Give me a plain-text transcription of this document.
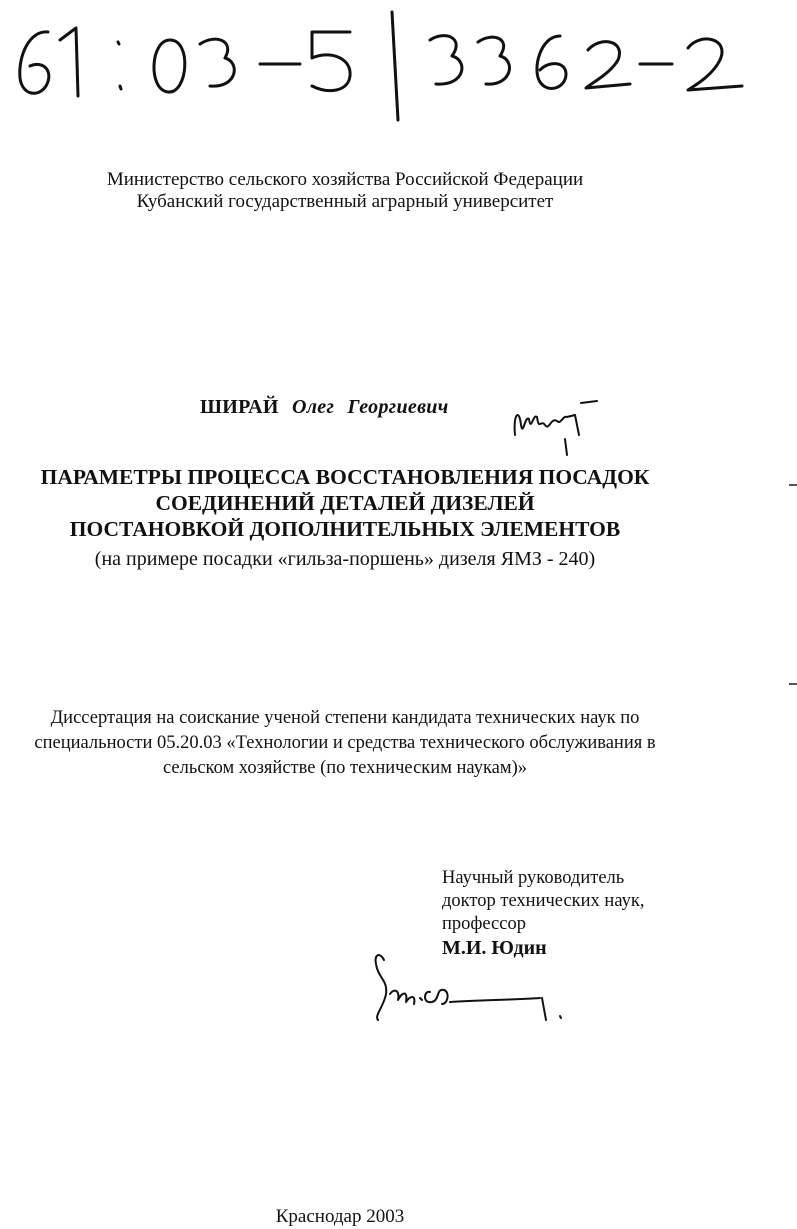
Министерство сельского хозяйства Российской Федерации
Кубанский государственный аграрный университет
ШИРАЙ Олег Георгиевич
ПАРАМЕТРЫ ПРОЦЕССА ВОССТАНОВЛЕНИЯ ПОСАДОК
СОЕДИНЕНИЙ ДЕТАЛЕЙ ДИЗЕЛЕЙ
ПОСТАНОВКОЙ ДОПОЛНИТЕЛЬНЫХ ЭЛЕМЕНТОВ
(на примере посадки «гильза-поршень» дизеля ЯМЗ - 240)
Диссертация на соискание ученой степени кандидата технических наук по
специальности 05.20.03 «Технологии и средства технического обслуживания в
сельском хозяйстве (по техническим наукам)»
Научный руководитель
доктор технических наук,
профессор
М.И. Юдин
Краснодар 2003
